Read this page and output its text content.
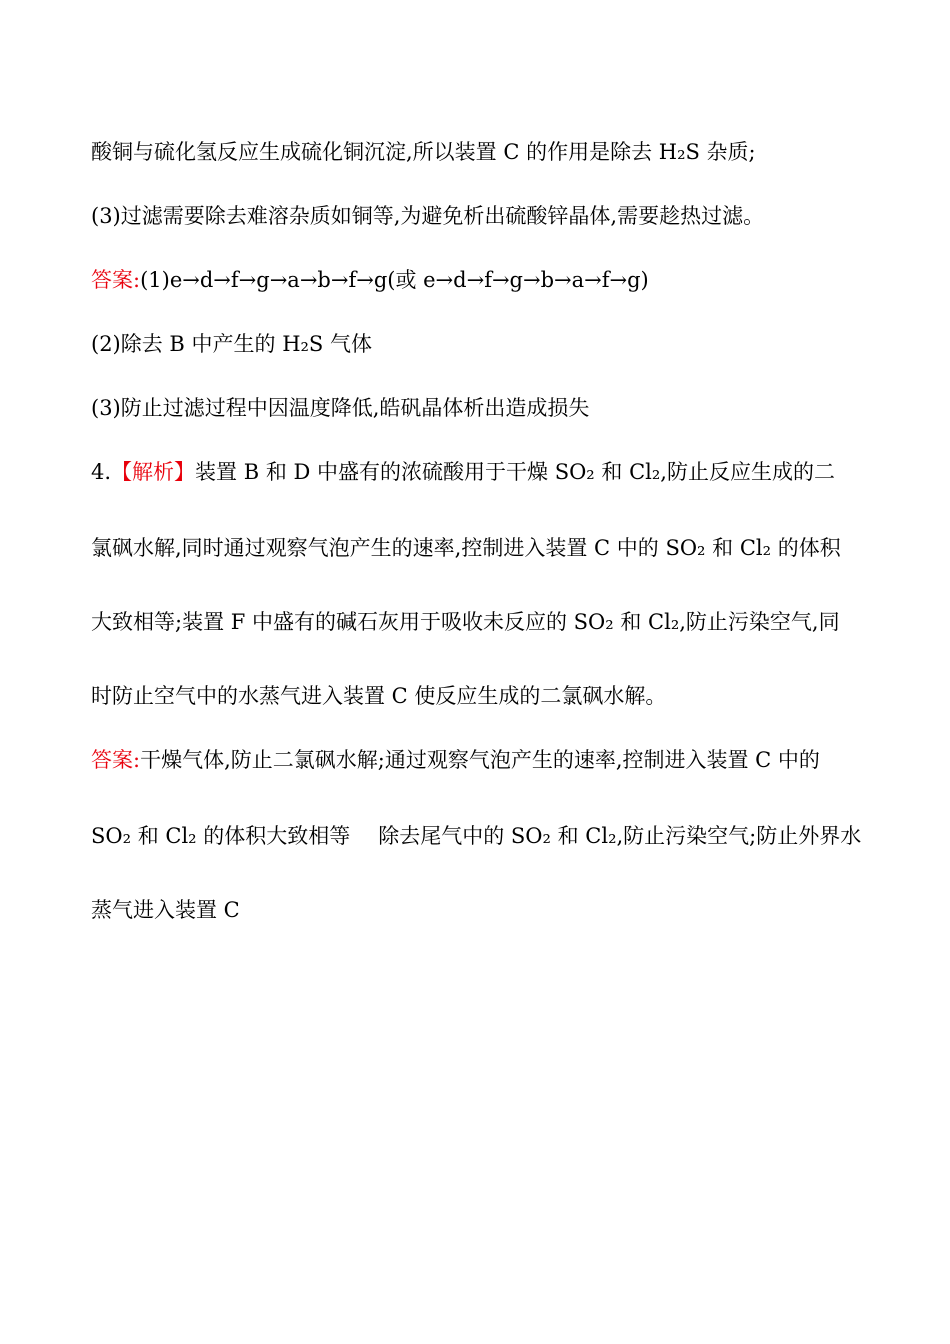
酸铜与硫化氢反应生成硫化铜沉淀,所以装置 C 的作用是除去 H₂S 杂质;
(3)过滤需要除去难溶杂质如铜等,为避免析出硫酸锌晶体,需要趁热过滤。
答案:(1)e→d→f→g→a→b→f→g(或 e→d→f→g→b→a→f→g)
(2)除去 B 中产生的 H₂S 气体
(3)防止过滤过程中因温度降低,皓矾晶体析出造成损失
4.【解析】装置 B 和 D 中盛有的浓硫酸用于干燥 SO₂ 和 Cl₂,防止反应生成的二
氯砜水解,同时通过观察气泡产生的速率,控制进入装置 C 中的 SO₂ 和 Cl₂ 的体积
大致相等;装置 F 中盛有的碱石灰用于吸收未反应的 SO₂ 和 Cl₂,防止污染空气,同
时防止空气中的水蒸气进入装置 C 使反应生成的二氯砜水解。
答案:干燥气体,防止二氯砜水解;通过观察气泡产生的速率,控制进入装置 C 中的
SO₂ 和 Cl₂ 的体积大致相等 除去尾气中的 SO₂ 和 Cl₂,防止污染空气;防止外界水
蒸气进入装置 C
